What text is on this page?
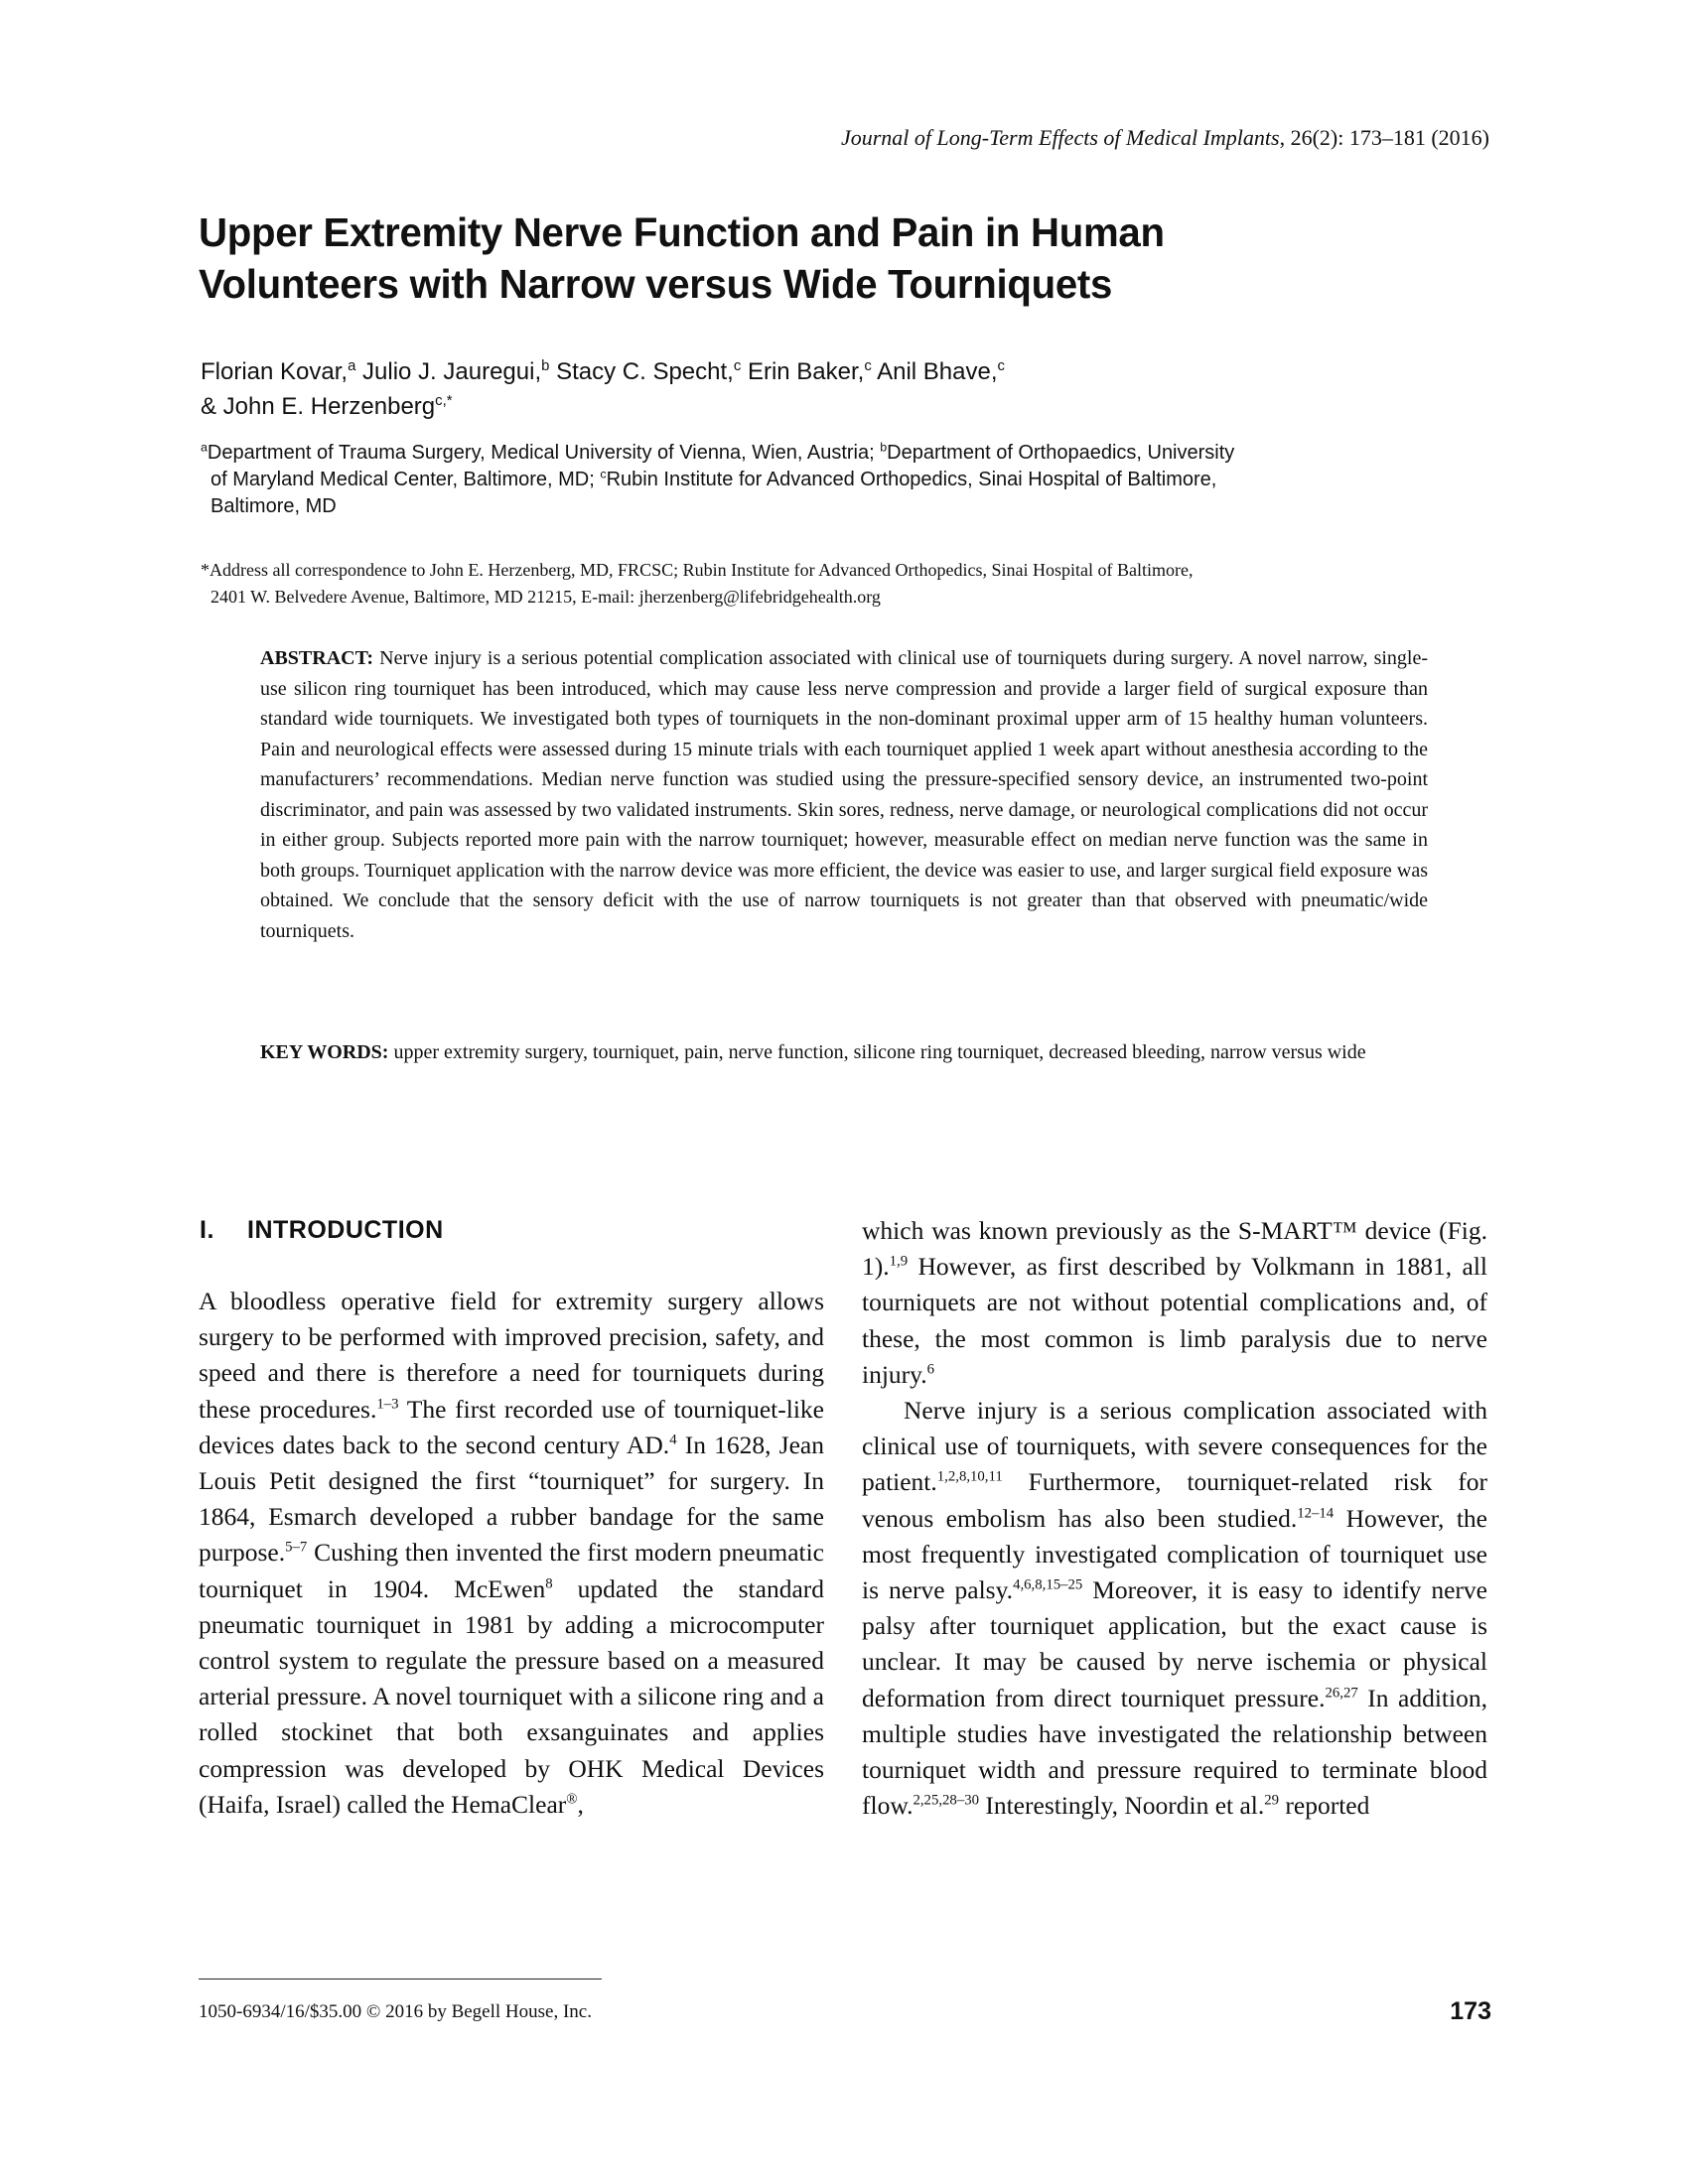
Journal of Long-Term Effects of Medical Implants, 26(2): 173–181 (2016)
Upper Extremity Nerve Function and Pain in Human
Volunteers with Narrow versus Wide Tourniquets
Florian Kovar,$^a$ Julio J. Jauregui,$^b$ Stacy C. Specht,$^c$ Erin Baker,$^c$ Anil Bhave,$^c$
& John E. Herzenberg$^{c,*}$
$^a$Department of Trauma Surgery, Medical University of Vienna, Wien, Austria; $^b$Department of Orthopaedics, University
of Maryland Medical Center, Baltimore, MD; $^c$Rubin Institute for Advanced Orthopedics, Sinai Hospital of Baltimore,
Baltimore, MD
*Address all correspondence to John E. Herzenberg, MD, FRCSC; Rubin Institute for Advanced Orthopedics, Sinai Hospital of Baltimore,
2401 W. Belvedere Avenue, Baltimore, MD 21215, E-mail: jherzenberg@lifebridgehealth.org
ABSTRACT: Nerve injury is a serious potential complication associated with clinical use of tourniquets during surgery. A novel narrow, single-use silicon ring tourniquet has been introduced, which may cause less nerve compression and provide a larger field of surgical exposure than standard wide tourniquets. We investigated both types of tourniquets in the non-dominant proximal upper arm of 15 healthy human volunteers. Pain and neurological effects were assessed during 15 minute trials with each tourniquet applied 1 week apart without anesthesia according to the manufacturers’ recommendations. Median nerve function was studied using the pressure-specified sensory device, an instrumented two-point discriminator, and pain was assessed by two validated instruments. Skin sores, redness, nerve damage, or neurological complications did not occur in either group. Subjects reported more pain with the narrow tourniquet; however, measurable effect on median nerve function was the same in both groups. Tourniquet application with the narrow device was more efficient, the device was easier to use, and larger surgical field exposure was obtained. We conclude that the sensory deficit with the use of narrow tourniquets is not greater than that observed with pneumatic/wide tourniquets.
KEY WORDS: upper extremity surgery, tourniquet, pain, nerve function, silicone ring tourniquet, decreased bleeding, narrow versus wide
I. INTRODUCTION

A bloodless operative field for extremity surgery allows surgery to be performed with improved precision, safety, and speed and there is therefore a need for tourniquets during these procedures.$^{1-3}$ The first recorded use of tourniquet-like devices dates back to the second century AD.$^4$ In 1628, Jean Louis Petit designed the first “tourniquet” for surgery. In 1864, Esmarch developed a rubber bandage for the same purpose.$^{5-7}$ Cushing then invented the first modern pneumatic tourniquet in 1904. McEwen$^8$ updated the standard pneumatic tourniquet in 1981 by adding a microcomputer control system to regulate the pressure based on a measured arterial pressure. A novel tourniquet with a silicone ring and a rolled stockinet that both exsanguinates and applies compression was developed by OHK Medical Devices (Haifa, Israel) called the HemaClear®,

which was known previously as the S-MART™ device (Fig. 1).$^{1,9}$ However, as first described by Volkmann in 1881, all tourniquets are not without potential complications and, of these, the most common is limb paralysis due to nerve injury.$^6$

Nerve injury is a serious complication associated with clinical use of tourniquets, with severe consequences for the patient.$^{1,2,8,10,11}$ Furthermore, tourniquet-related risk for venous embolism has also been studied.$^{12-14}$ However, the most frequently investigated complication of tourniquet use is nerve palsy.$^{4,6,8,15-25}$ Moreover, it is easy to identify nerve palsy after tourniquet application, but the exact cause is unclear. It may be caused by nerve ischemia or physical deformation from direct tourniquet pressure.$^{26,27}$ In addition, multiple studies have investigated the relationship between tourniquet width and pressure required to terminate blood flow.$^{2,25,28-30}$ Interestingly, Noordin et al.$^{29}$ reported

1050-6934/16/$35.00 © 2016 by Begell House, Inc.	173
